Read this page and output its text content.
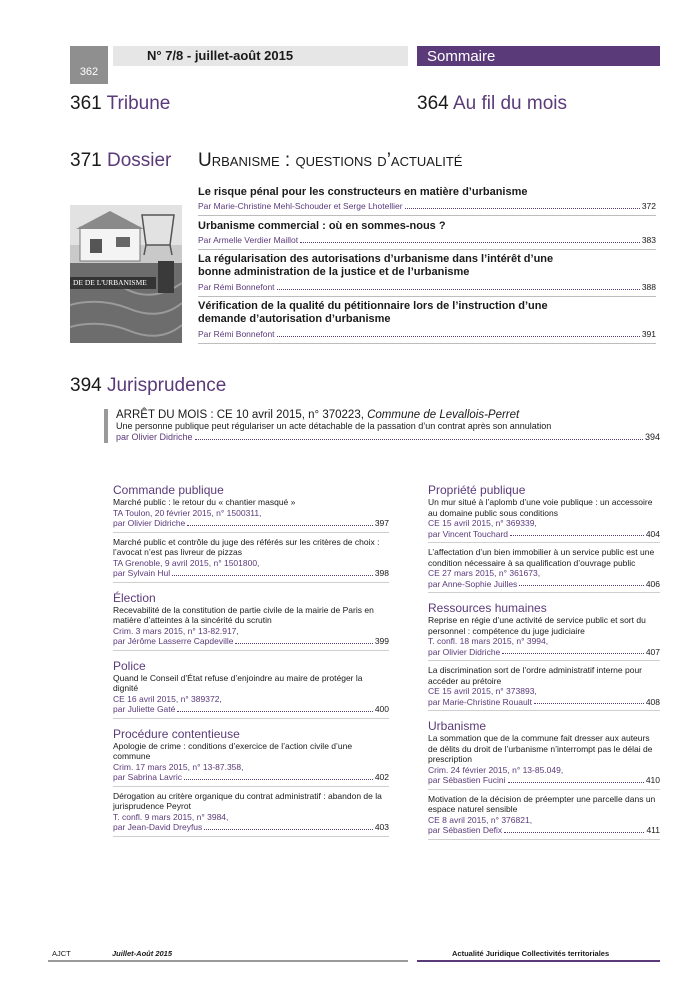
362
N° 7/8 - juillet-août 2015	Sommaire
361 Tribune	364 Au fil du mois
371 Dossier Urbanisme : questions d’actualité
DE DE L'URBANISME
Le risque pénal pour les constructeurs en matière d’urbanisme
Par Marie-Christine Mehl-Schouder et Serge Lhotellier	372
Urbanisme commercial : où en sommes-nous ?
Par Armelle Verdier Maillot	383
La régularisation des autorisations d’urbanisme dans l’intérêt d’une bonne administration de la justice et de l’urbanisme
Par Rémi Bonnefont	388
Vérification de la qualité du pétitionnaire lors de l’instruction d’une demande d’autorisation d’urbanisme
Par Rémi Bonnefont	391
394 Jurisprudence
ARRÊT DU MOIS : CE 10 avril 2015, n° 370223, Commune de Levallois-Perret
Une personne publique peut régulariser un acte détachable de la passation d’un contrat après son annulation
par Olivier Didriche	394
Commande publique
Marché public : le retour du « chantier masqué »
TA Toulon, 20 février 2015, n° 1500311,
par Olivier Didriche	397
Marché public et contrôle du juge des référés sur les critères de choix : l’avocat n’est pas livreur de pizzas
TA Grenoble, 9 avril 2015, n° 1501800,
par Sylvain Hul	398
Élection
Recevabilité de la constitution de partie civile de la mairie de Paris en matière d’atteintes à la sincérité du scrutin
Crim. 3 mars 2015, n° 13-82.917,
par Jérôme Lasserre Capdeville	399
Police
Quand le Conseil d’État refuse d’enjoindre au maire de protéger la dignité
CE 16 avril 2015, n° 389372,
par Juliette Gaté	400
Procédure contentieuse
Apologie de crime : conditions d’exercice de l’action civile d’une commune
Crim. 17 mars 2015, n° 13-87.358,
par Sabrina Lavric	402
Dérogation au critère organique du contrat administratif : abandon de la jurisprudence Peyrot
T. confl. 9 mars 2015, n° 3984,
par Jean-David Dreyfus	403
Propriété publique
Un mur situé à l’aplomb d’une voie publique : un accessoire au domaine public sous conditions
CE 15 avril 2015, n° 369339,
par Vincent Touchard	404
L’affectation d’un bien immobilier à un service public est une condition nécessaire à sa qualification d’ouvrage public
CE 27 mars 2015, n° 361673,
par Anne-Sophie Juilles	406
Ressources humaines
Reprise en régie d’une activité de service public et sort du personnel : compétence du juge judiciaire
T. confl. 18 mars 2015, n° 3994,
par Olivier Didriche	407
La discrimination sort de l’ordre administratif interne pour accéder au prétoire
CE 15 avril 2015, n° 373893,
par Marie-Christine Rouault	408
Urbanisme
La sommation que de la commune fait dresser aux auteurs de délits du droit de l’urbanisme n’interrompt pas le délai de prescription
Crim. 24 février 2015, n° 13-85.049,
par Sébastien Fucini	410
Motivation de la décision de préempter une parcelle dans un espace naturel sensible
CE 8 avril 2015, n° 376821,
par Sébastien Defix	411
AJCT	Juillet-Août 2015	Actualité Juridique Collectivités territoriales
